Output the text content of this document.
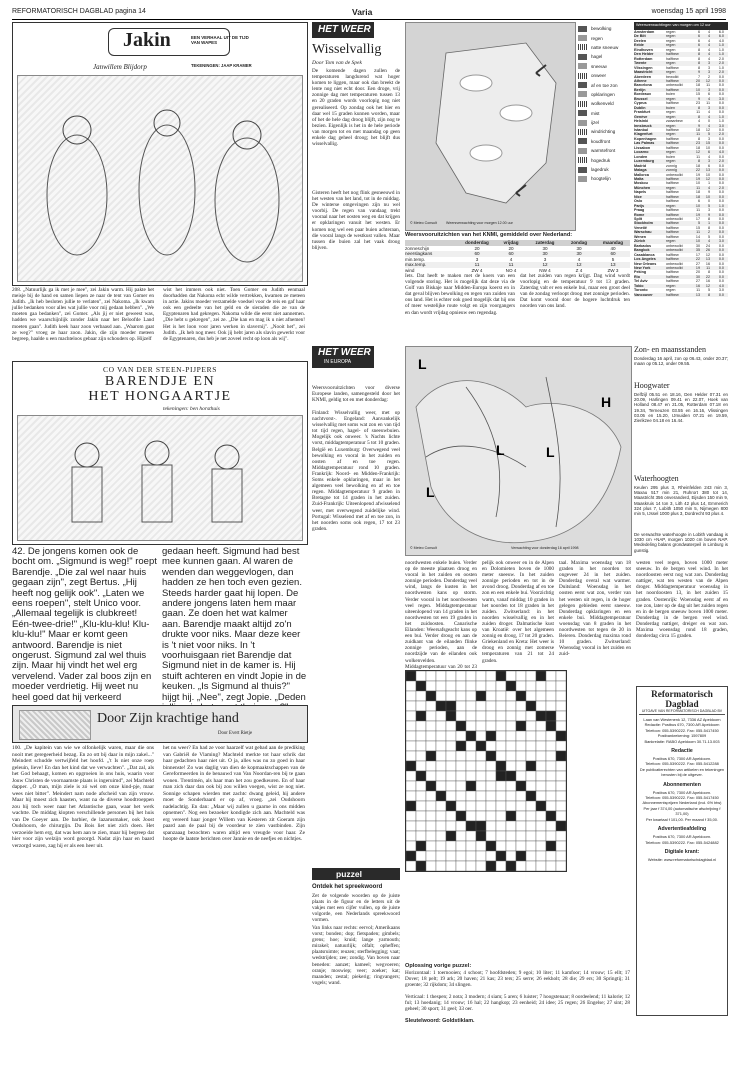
REFORMATORISCH DAGBLAD pagina 14	Varia	woensdag 15 april 1998
Jakin	EEN VERHAAL UIT DE TIJD VAN WAPES
Janwillem Blijdorp	TEKENINGEN: JAAP KRAMER
208. „Natuurlijk ga ik met je mee", zei Jakin warm. Hij pakte het meisje bij de hand en samen liepen ze naar de tent van Gomer en Judith. „Ik heb besloten jullie te verlaten", zei Nakoma. „Ik kwam jullie bedanken voor alles wat jullie voor mij gedaan hebben". „We moeten gaa bedanken", zei Gomer. „Als jij er niet geweest was, hadden we waarschijnlijk zonder Jakin naar het Beloofde Land moeten gaan". Judith keek haar zoon verbaasd aan. „Waarom gaat ze weg?" vroeg ze haar zoon. Jakin, die zijn moeder meteen begreep, haalde u een machteloos gebaar zijn schouders op. Hijzelf
wist het immers ook niet. Toen Gomer en Judith eenmaal doorhadden dat Nakoma echt wilde vertrekken, kwamen ze meteen in actie. Jakins moeder verzamelde voedsel voor de reis en gaf haar ook een gedeelte van het geld en de sieraden die ze van de Egyptenaren had gekregen. Nakoma wilde die eerst niet aannemen. „Die hebt u gekregen", zei ze. „Die kan en mag ik u niet afnemen! Het is het loon voor jaren werken in slavernij". „Nooit het", zei Judith. „Ik heb nog meer. Ook jij hebt jaren als slavin gewerkt voor de Egyptenaren, dus heb je net zoveel recht op loon als wij".
CO VAN DER STEEN-PIJPERS
BARENDJE EN
HET HONGAARTJE
tekeningen: ben horsthuis
42. De jongens komen ook de bocht om. „Sigmund is weg!" roept Barendje. „Die zal wel naar huis gegaan zijn", zegt Bertus. „Hij heeft nog gelijk ook". „Laten we eens roepen", stelt Unico voor. „Allemaal tegelijk is clubkreet! Eén-twee-drie!" „Klu-klu-klu! Klu-klu-klu!" Maar er komt geen antwoord. Barendje is niet ongerust. Sigmund zal wel thuis zijn. Maar hij vindt het wel erg vervelend. Vader zal boos zijn en moeder verdrietig. Hij weet nu heel goed dat hij verkeerd
gedaan heeft. Sigmund had best mee kunnen gaan. Al waren de wenden dan weggevlogen, dan hadden ze hen toch even gezien. Steeds harder gaat hij lopen. De andere jongens laten hem maar gaan. Ze doen het wat kalmer aan. Barendje maakt altijd zo'n drukte voor niks. Maar deze keer is 't niet voor niks. In 't voorhuisgaan riet Barendje dat Sigmund niet in de kamer is. Hij stuift achteren en vindt Jopie in de keuken. „Is Sigmund al thuis?" hijgt hij. „Nee", zegt Jopie. „Deden
Door Zijn krachtige hand
Door Evert Rietje
100. „De kapitein van wie we olfonkelijk waren, maar die ons nooit met geregeerheid bezag. En zo ott bij daar in mijn zakel..." Meindert schudde vertwijfeld het hoofd. „'t Is niet onze roep geleuin, lieve! En dan het kind dat we verwachten". „Dat zal, als het God behaagt, komen en opgroeien in ons huis, waarin voor Jouw Christen de voornaamste plaats is ingeruimd", zei Machteld dapper. „O man, mijn ziele is zó wel om onze kind-pje, maar wees niet bitter". Meindert nam node afscheid van zijn vrouw. Maar hij moest zich haasten, want na de diverse hoodtroeppen zou hij toch weer naar het Atlantische gaan, waar het werk wachtte. De middag klopten verschillende personen bij het huis van De Goeyer aan. De barbier, de lazarusmaker, ook Joost Oudshoorn, de chirurgijn. Du Bois liet niet zich doen. Het verzoeide hem erg, dat was hem aan te zien, maar hij begreep dat hier voor zijn welzijn word gezorgd. Nadat zijn haar en baard verzorgd waren, zag hij er als een heer uit.
het nu weer? En had ze voor haarzelf wat gebad aan de prediking van Gabriël de Vlaming? Machteld merkte tot haar schrik dat haar gedachten haar niet uit. O ja, alles was nu zo goed in haar binnenste! Zo was daglig van dien de kopmaaktschappen van de Gereformeerden in de benauwd van Van Noordan-ren bij te gaan wonen. Trentimén, als haar man het zou goedkeuren. En of haar man zich daar dan ook bij zou willen voegen, wist ze nog niet. Sonnige schapen wierden met zachtc dwang geleid, hij andere moet de Sonderbaard er op af, vroeg. „zei Oudshoorn nadelachtig. En dan: „Maar wij zullen u gaarne in ons midden opnemen". Nog een bezoeker kondigde zich aan. Machteld was erg vereerd haar jonger Willem van Kesteren zit Goeram zijn paard aan de paal bij de voordeur te zien vastbinden. Zijn spanzaaag bezochten waren altijd een vreugde voor haar. Ze hoopte de laatste berichten over Jannie en de neefjes en nichtjes.
HET WEER
Wisselvallig
Door Tom van de Spek
De komende dagen zullen de temperaturen langdurend wat hoger komen te liggen, maar ook dan breekt de lente nog niet echt door. Een droge, vrij zonnige dag met temperaturen tussen 13 en 20 graden words voorlopig nog niet gerealiseerd. Op zondag ook het hier en daar wel 15 graden kunnen worden, maar of het de hele dag droog blijft, zijn nog te bezien. Eigenlijk is het in de hele periode van morgen tot en met maandag op geen enkele dag geheel droog; het blijft dus wisselvallig.
Gisteren heeft het nog flink gesneeuwd in het westen van het land, tot in de middag. De winterse omgevingen zijn nu wel voorbij. De regen van vandaag trekt vooraal naar het oosten weg en dat krijgen er opklaringen vanuit het westen. Er komen nog wel een paar buien achteraan, die vooral langs de westkust vallen. Maar tussen die buien zal het vaak droog blijven.
Weersverwachting voor morgen 12.00 uur
© Meteo Consult
bewolking
regen
natte sneeuw
hagel
sneeuw
onweer
af en toe zon
opklaringen
wolkenveld
mist
ijzel
windrichting
koudfront
warmtefront
hogedruk
lagedruk
hoogtelijn
Weersvooruitzichten van het KNMI, gemiddeld over Nederland:
donderdag	vrijdag	zaterdag	zondag	maandag
zonneschijn	20	20	30	30	40
neerslagkans	60	60	30	30	60
min.temp.	3	4	3	4	5
max.temp.	11	11	12	12	13
wind	ZW 4	NO 4	NW 4	Z 4	ZW 3
Iets. Dat heeft te maken met de koers van een volgende storing. Het is mogelijk dat deze via de Golf van Biskaje naar Midden-Europa koerst en in dat geval blijven bewolking en regen van zuiden van ons land. Het is echter ook goed mogelijk dat hij ons of meer westelijke route volgt en zijn voorgangers en dan wordt vrijdag opnieuw een regendag.
dat het zuiden van regen krijgt. Dag wind wordt voorlopig en de temperatuur 9 tot 13 graden. Zaterdag valt er een enkele bui, maar een groot deel van de zondag verloopt droog met zonnige perioden. Dat komt vooral door de hogere luchtdruk ten noorden van ons land.
Weersverwachtingen van morgen om 12 uur
Amsterdam	regen	6	4	6.0
De Bilt	regen	6	4	6.0
Deelen	regen	6	4	4.0
Eelde	regen	6	4	1.0
Eindhoven	regen	8	4	1.0
Den Helder	halfbew	8	4	1.0
Rotterdam	halfbew	8	4	2.0
Twente	regen	8	3	2.0
Vlissingen	halfbew	8	3	1.0
Maastricht	regen	9	3	2.0
Aberdeen	bewolkt	7	2	0.0
Athene	halfbew	20	12	0.0
Barcelona	onbewolkt	18	11	0.0
Berlijn	halfbew	10	3	0.0
Bordeaux	buien	15	6	0.0
Brussel	regen	9	4	3.0
Cyprus	halfbew	23	11	0.0
Dublin	buien	8	3	0.0
Frankfurt	regen	11	4	0.0
Genève	regen	8	4	1.0
Helsinki	zwaarbew	4	0	1.0
Innsbruck	regen	9	4	3.0
Istanbul	halfbew	18	12	0.0
Klagenfurt	regen	11	5	2.0
Kopenhagen	halfbew	8	3	0.0
Las Palmas	halfbew	23	15	0.0
Lissabon	halfbew	18	10	0.0
Locarno	regen	12	6	4.0
Londen	buien	11	4	0.0
Luxemburg	regen	8	3	2.0
Madrid	zonnig	18	6	0.0
Malaga	zonnig	22	13	0.0
Mallorca	onbewolkt	19	10	0.0
Malta	halfbew	19	12	0.0
Moskou	halfbew	10	1	0.0
München	regen	11	4	2.0
Napels	halfbew	18	9	0.0
Nice	halfbew	18	10	0.0
Oslo	halfbew	6	0	0.0
Parijs	regen	10	5	1.0
Praag	halfbew	11	3	0.0
Rome	halfbew	19	9	0.0
Split	onbewolkt	17	8	0.0
Stockholm	halfbew	5	1	0.0
Venetië	halfbew	15	8	0.0
Warschau	halfbew	11	2	0.0
Wenen	halfbew	14	5	0.0
Zürich	regen	10	4	3.0
Barbados	onbewolkt	30	24	0.0
Bangkok	onbewolkt	35	26	0.0
Casablanca	halfbew	17	12	0.0
Los Angeles	halfbew	22	13	0.0
New Orleans	onbewolkt	27	16	0.0
New York	onbewolkt	19	11	0.0
Peking	halfbew	20	8	0.0
Rio	halfbew	30	22	0.0
Tel Aviv	halfbew	27	16	0.0
Tokio	regen	16	12	4.0
Toronto	regen	11	5	3.0
Vancouver	halfbew	13	8	0.0
Zon- en maansstanden
Donderdag 16 april, zon op 06.43, onder 20.37; maan op 05.12, onder 09.55.
Hoogwater
Delfzijl 05.51 en 18.16, Den Helder 07.31 en 20.09, Harlingen 09.41 en 22.07, Hoek van Holland 08.47 en 21.05, Rotterdam 07.18 en 19.34, Terneuzen 03.55 en 16.16, Vlissingen 03.05 en 15.20, IJmuiden 07.21 en 19.59, Zierikzee 04.18 en 16.44.
Waterhoogten
Keulen 295 plus 3, Rheinfelden 243 min 3, Maxau 517 min 21, Ruhrort 380 tot 14, Maastricht 356 onveranderd, Eijsden 150 min 9, Maaskruis 14 ton 3, Lith 42 plus 14, Emmerich 324 plus 7, Lobith 1050 min 5, Nijmegen 800 min 5, IJssel 1000 plus 3, Dordrecht 93 plus 4.
De verwachte waterhoogte in Lobith vandaag is 1030 cm +NAP, morgen 1020 cm boven NAP. Mededeling balans grondwaterpeil in Limburg is gunstig.
HET WEER
IN EUROPA
Weersvooruitzichten voor diverse Europese landen, samengesteld door het KNMI, geldig tot en met donderdag:
Finland: Wisselvallig weer, met op nachtvorst-. Engeland: Aanvankelijk wisselvallig met soms wat zon en van tijd tot tijd regen, hagel- of sneeuwbuien. Mogelijk ook onweer. 's Nachts lichte vorst, middagtemperatuur 5 tot 10 graden. België en Luxemburg: Overwegend veel bewolking en vooral in het zuiden en oosten af en toe regen. Middagtemperatuur rond 10 graden. Frankrijk: Noord- en Midden-Frankrijk: Soms enkele opklaringen, maar in het algemeen veel bewolking en af en toe regen. Middagtemperatuur 9 graden in Bretagne tot 14 graden in het zuiden. Zuid-Frankrijk: Uiteenlopend afwisselend weer, met overwegend zuidelijke wind. Portugal: Wisselend met af en toe zon, in het noorden soms ook regen, 17 tot 23 graden.
L
L
H
L
L
Verwachting voor donderdag 16 april 1998
© Meteo Consult
noordwesten enkele buien. Verder op de meeste plaatsen droog en vooral in het zuiden en oosten zonnige perioden. Donderdag veel wind, langs de kusten in het noordwesten kans op storm. Verder vooral in het noordwesten veel regen. Middagtemperatuur uiteenlopend van 14 graden in het noordwesten tot een 19 graden in het zuidoosten. Canarische Eilanden: Weersafsgeacht kans op een bui. Verder droog en aan de zuidkant van de eilanden flinke zonnige perioden, aan de noordzijde van de eilanden ook wolkenvelden. Middagtemperatuur van 20 tot 23
pelijk ook onweer en in de Alpen en Dolomieten boven de 1000 meter sneeuw. In het zuiden zonnige perioden en tot in de avond droog. Donderdag af en toe zon en een enkele bui. Voorzichtig warm, vanaf middag 10 graden in het noorden tot 18 graden in het zuiden. Zwitserland: in het noorden wisselvallig en in het zuiden droger. Dalmatische kust van Kroatië: over het algemeen zonnig en droog, 17 tot 20 graden. Griekenland en Kreta: Het weer is droog en zonnig met zomerse temperaturen van 21 tot 24 graden.
taal. Maxima woensdag van 18 graden in het noorden tot ongeveer 24 in het zuiden. Donderdag overal wat warmer. Duitsland: Woensdag in het oosten eerst wat zon, verder van het westen uit regen, in de hoger gelegen gebieden eerst sneeuw. Donderdag opklaringen en een enkele bui. Middagtemperatuur woensdag van 8 graden in het noordwesten tot tegen de 20 in Beieren. Donderdag maxima rond 10 graden. Zwitserland: Woensdag vooral in het zuiden en zuid-
westen veel regen, boven 1000 meter sneeuw. In de bergen veel wind. In het noordoosten eerst nog wat zon. Donderdag nattiger, wat ten westen van de Alpen droger. Middagtemperatuur woensdag in het noordoosten 13, in het zuiden 15 graden. Oostenrijk: Woensdag eerst af en toe zon, later op de dag uit het zuiden regen en in de bergen sneeuw boven 1000 meter. Donderdag in de bergen veel wind. Donderdag nattiger, dreiger en wat zon. Maxima woensdag rond 18 graden, donderdag circa 15 graden.
puzzel
Ontdek het spreekwoord
Zet de volgende woorden op de juiste plaats in de figuur en de letters uit de vakjes met een cijfer vullen, op de juiste volgorde, een Nederlands spreekwoord vormen.
Van links naar rechts: eervol; Amerikaans vorst; bonden; dop; fietspaden; gimbels; grens; hoe; kruid; lange yarmouth; mirakel; natuurlijk; olfalt; opheffen; plaatsruimte; reuzen; sterfbelegging; vaat; wedstrijden; zee; zondig. Van boven naar beneden: aanzet; kameel; wegvoeren; oranje; moswiep; veer; zoeker; kat; maanden; zestal; piekerig; ringvangers; vogels; wand.
Oplossing vorige puzzel:
Horizontaal: 1 toernooien; 4 schoot; 7 hoofdsteden; 9 egoi; 10 liter; 11 kamfoor; 14 vrouw; 15 ellt; 17 Dover; 18 pelt; 19 ark; 20 haven; 21 kas; 23 ters; 25 serre; 26 eekholt; 28 die; 29 ers; 30 Springtij; 31 groente; 32 rijkdom; 34 slingen.
Verticaal: 1 thespen; 2 nota; 3 modern; 4 siam; 5 aren; 6 luister; 7 hoogstenaar; 8 oordeelend; 11 kalorie; 12 ful; 13 hoedanig; 14 vrouw; 16 hal; 22 hangkop; 23 eenheid; 24 idee; 25 regen; 26 Engelse; 27 sint; 28 geheel; 30 sport; 31 geel; 33 oer.
Sleutelwoord: Goldstiklam.
Reformatorisch Dagblad
UITGAVE VAN REFORMATORISCH DAGBLAD BV
Laan van Westenenk 12, 7336 AZ Apeldoorn
Redactie: Postbus 670, 7300 AR Apeldoorn
Telefoon: 055-5390222. Fax: 055-5417450
Postbankrekening: 1597809
Bankrelatie: RABO Apeldoorn 30.71.13.003
Redactie
Postbus 670, 7300 AR Apeldoorn.
Telefoon: 055-5390222. Fax: 055-5412288
De publicatierechten van artikelen en tekeningen berusten bij de uitgever.
Abonnementen
Postbus 670, 7300 AR Apeldoorn.
Telefoon: 055-5390222. Fax: 055-5417450
Abonnementsprijzen Nederland (incl. 6% btw)
Per jaar f 374,00 (automatische afschrijving f 371,00)
Per kwartaal f 101,00. Per maand f 35,00.
Advertentieafdeling
Postbus 670, 7300 AR Apeldoorn.
Telefoon: 055-5390222. Fax: 055-5424882
Digitale krant:
Website: www.reformatorischdagblad.nl
